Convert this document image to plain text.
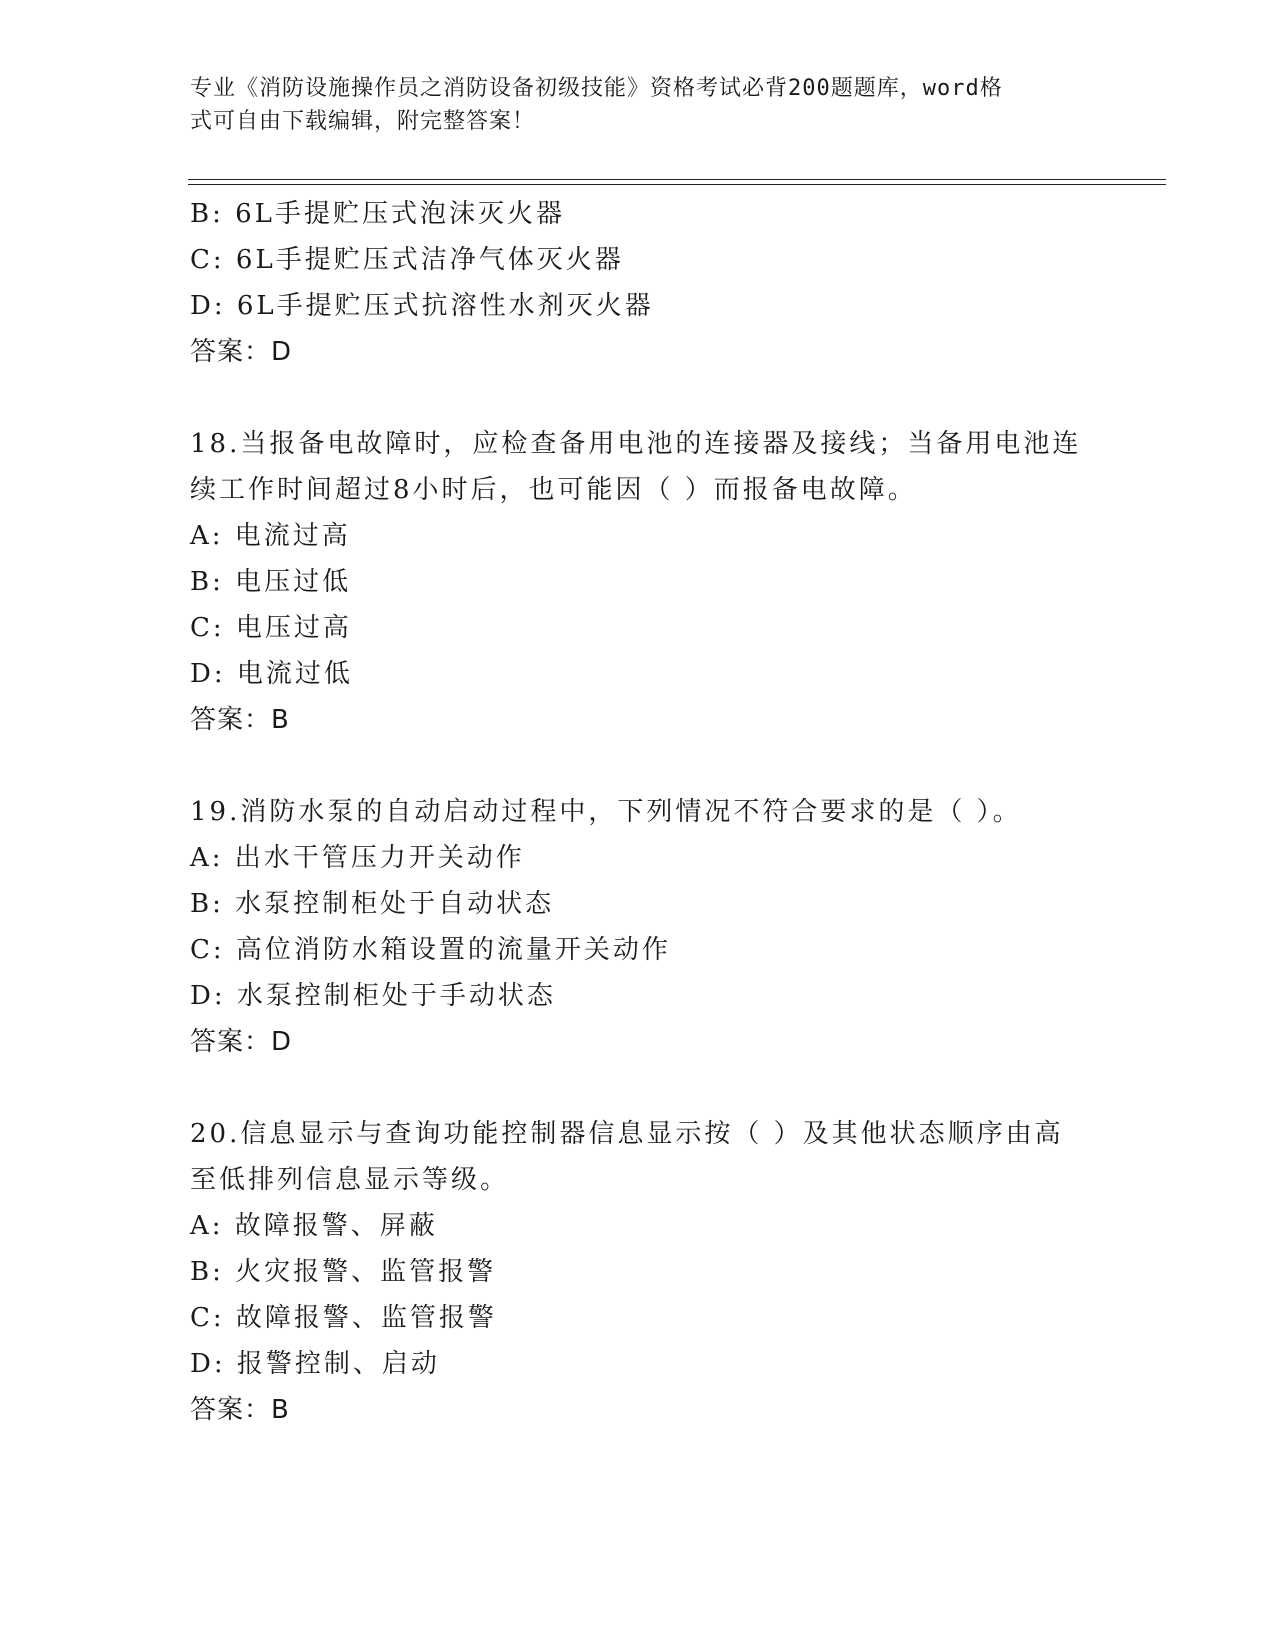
专业《消防设施操作员之消防设备初级技能》资格考试必背200题题库，word格
式可自由下载编辑，附完整答案！
B: 6L手提贮压式泡沫灭火器
C: 6L手提贮压式洁净气体灭火器
D: 6L手提贮压式抗溶性水剂灭火器
答案：D
18.当报备电故障时，应检查备用电池的连接器及接线；当备用电池连
续工作时间超过8小时后，也可能因（ ）而报备电故障。
A: 电流过高
B: 电压过低
C: 电压过高
D: 电流过低
答案：B
19.消防水泵的自动启动过程中，下列情况不符合要求的是（ ）。
A: 出水干管压力开关动作
B: 水泵控制柜处于自动状态
C: 高位消防水箱设置的流量开关动作
D: 水泵控制柜处于手动状态
答案：D
20.信息显示与查询功能控制器信息显示按（ ）及其他状态顺序由高
至低排列信息显示等级。
A: 故障报警、屏蔽
B: 火灾报警、监管报警
C: 故障报警、监管报警
D: 报警控制、启动
答案：B
